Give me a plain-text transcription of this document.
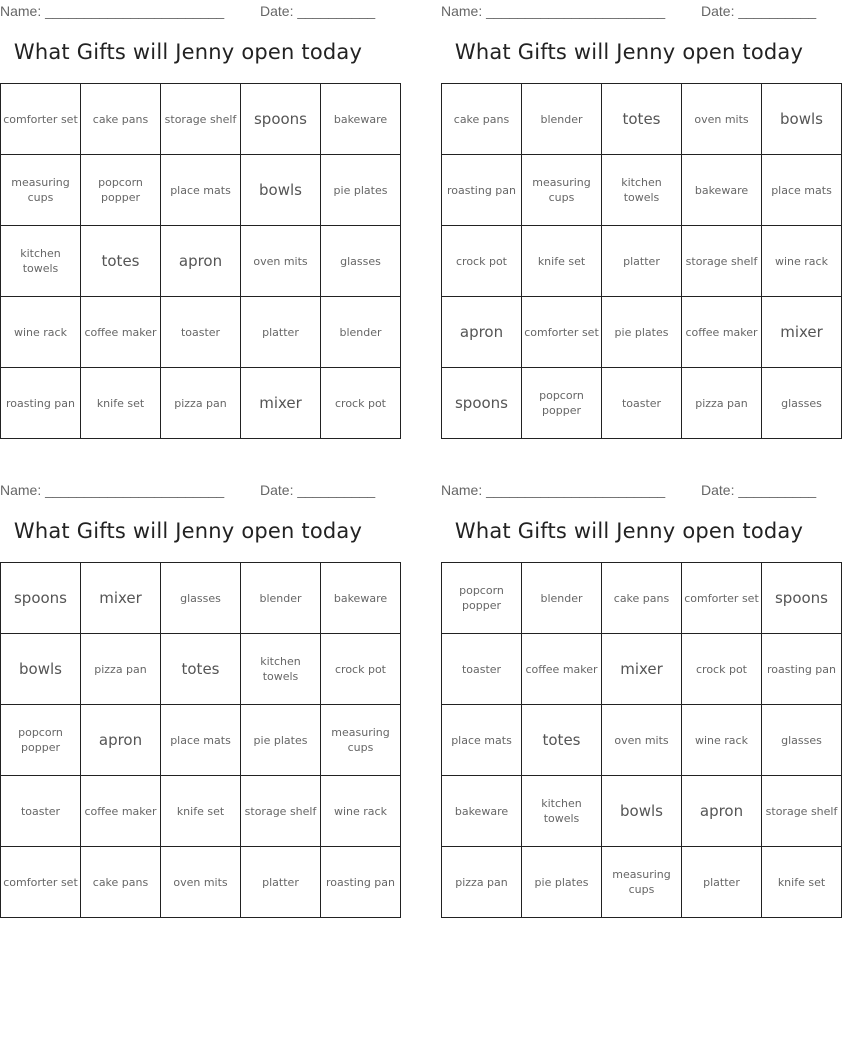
Name: _______________________	Date: __________
What Gifts will Jenny open today
comforter set	cake pans	storage shelf	spoons	bakeware
measuring cups	popcorn popper	place mats	bowls	pie plates
kitchen towels	totes	apron	oven mits	glasses
wine rack	coffee maker	toaster	platter	blender
roasting pan	knife set	pizza pan	mixer	crock pot
Name: _______________________	Date: __________
What Gifts will Jenny open today
cake pans	blender	totes	oven mits	bowls
roasting pan	measuring cups	kitchen towels	bakeware	place mats
crock pot	knife set	platter	storage shelf	wine rack
apron	comforter set	pie plates	coffee maker	mixer
spoons	popcorn popper	toaster	pizza pan	glasses
Name: _______________________	Date: __________
What Gifts will Jenny open today
spoons	mixer	glasses	blender	bakeware
bowls	pizza pan	totes	kitchen towels	crock pot
popcorn popper	apron	place mats	pie plates	measuring cups
toaster	coffee maker	knife set	storage shelf	wine rack
comforter set	cake pans	oven mits	platter	roasting pan
Name: _______________________	Date: __________
What Gifts will Jenny open today
popcorn popper	blender	cake pans	comforter set	spoons
toaster	coffee maker	mixer	crock pot	roasting pan
place mats	totes	oven mits	wine rack	glasses
bakeware	kitchen towels	bowls	apron	storage shelf
pizza pan	pie plates	measuring cups	platter	knife set
